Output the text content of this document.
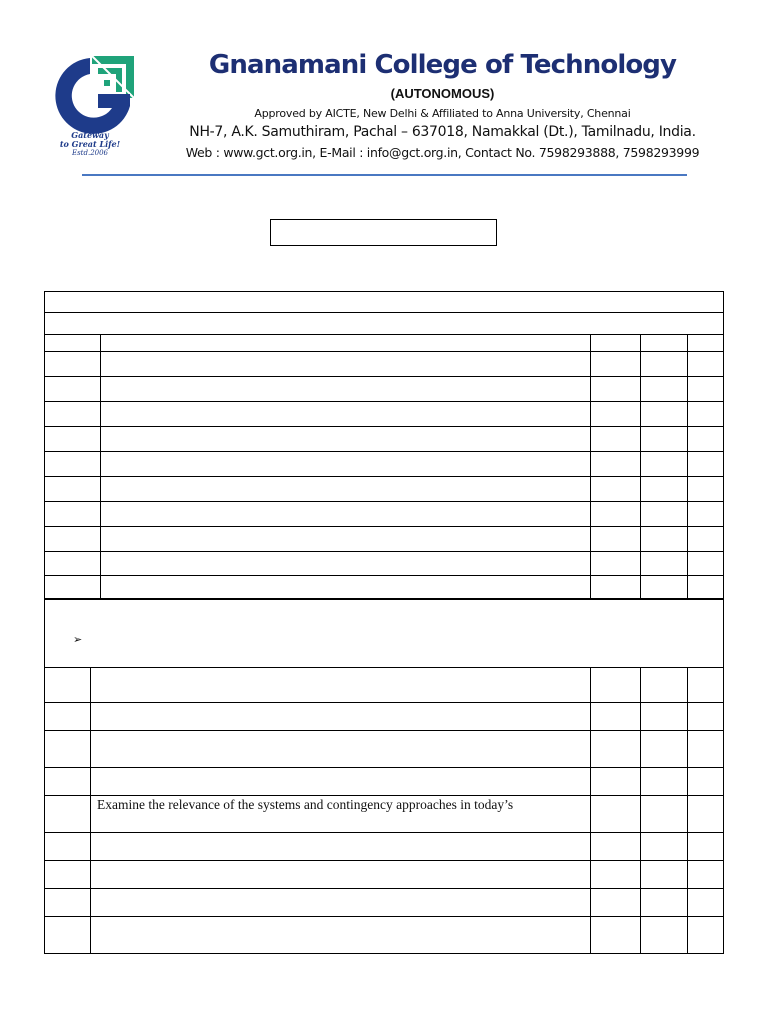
Gateway
to Great Life!
Estd.2006
Gnanamani College of Technology
(AUTONOMOUS)
Approved by AICTE, New Delhi & Affiliated to Anna University, Chennai
NH-7, A.K. Samuthiram, Pachal – 637018, Namakkal (Dt.), Tamilnadu, India.
Web : www.gct.org.in, E-Mail : info@gct.org.in, Contact No. 7598293888, 7598293999
➢
Examine the relevance of the systems and contingency approaches in today’s
